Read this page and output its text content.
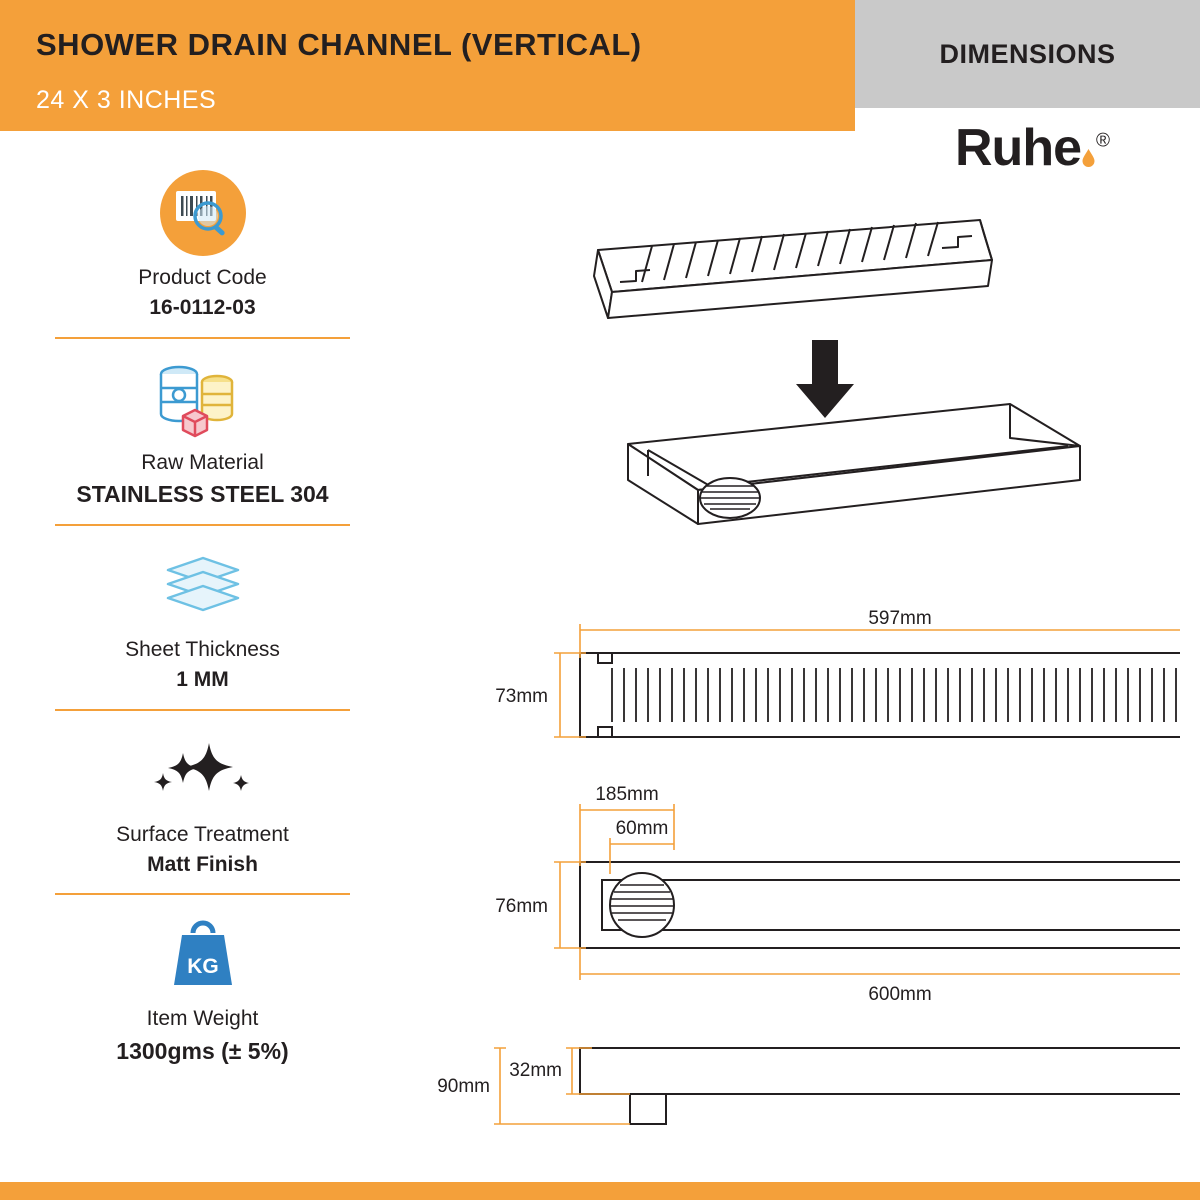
SHOWER DRAIN CHANNEL (VERTICAL)
24 X 3 INCHES
DIMENSIONS
Ruhe ®
Product Code
16-0112-03
Raw Material
STAINLESS STEEL 304
Sheet Thickness
1 MM
Surface Treatment
Matt Finish
KG
Item Weight
1300gms (± 5%)
597mm
73mm
185mm
60mm
76mm
600mm
32mm
90mm
